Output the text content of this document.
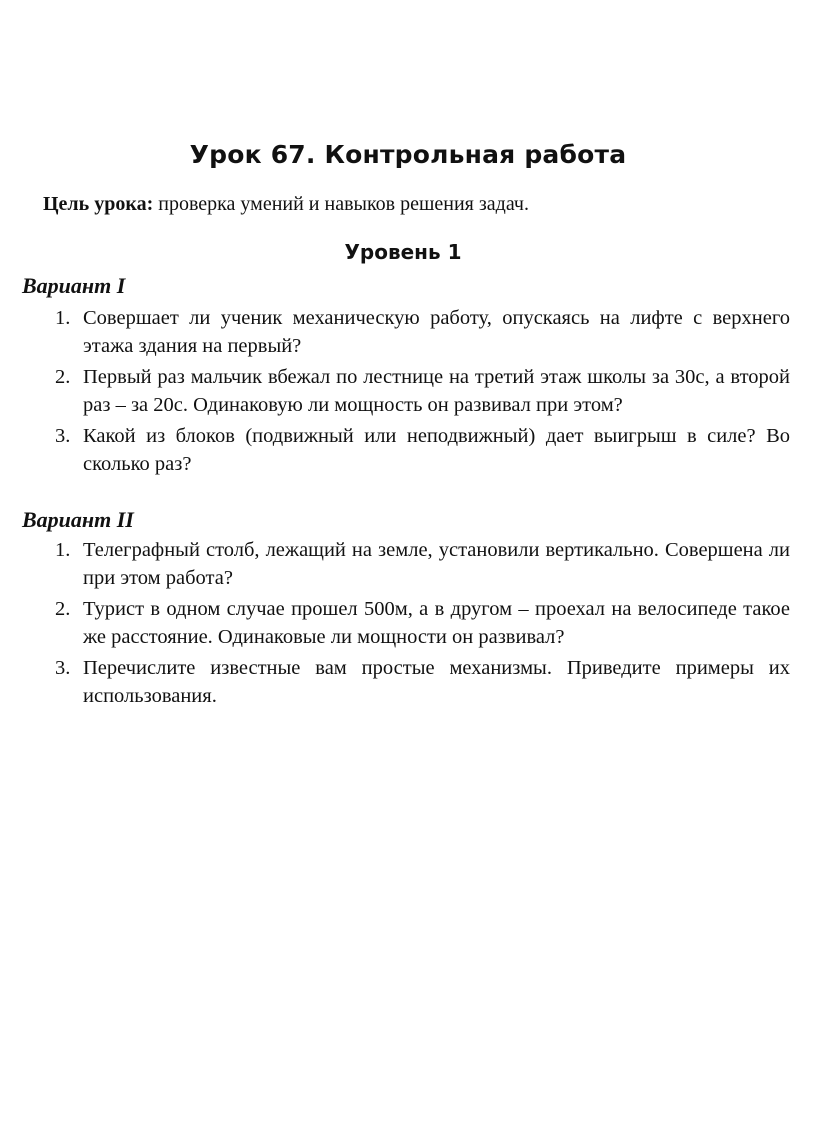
Урок 67. Контрольная работа
Цель урока: проверка умений и навыков решения задач.
Уровень 1
Вариант I
1. Совершает ли ученик механическую работу, опускаясь на лифте с верхнего этажа здания на первый?
2. Первый раз мальчик вбежал по лестнице на третий этаж школы за 30с, а второй раз – за 20с. Одинаковую ли мощность он развивал при этом?
3. Какой из блоков (подвижный или неподвижный) дает выигрыш в силе? Во сколько раз?
Вариант II
1. Телеграфный столб, лежащий на земле, установили вертикально. Совершена ли при этом работа?
2. Турист в одном случае прошел 500м, а в другом – проехал на велосипеде такое же расстояние. Одинаковые ли мощности он развивал?
3. Перечислите известные вам простые механизмы. Приведите примеры их использования.
